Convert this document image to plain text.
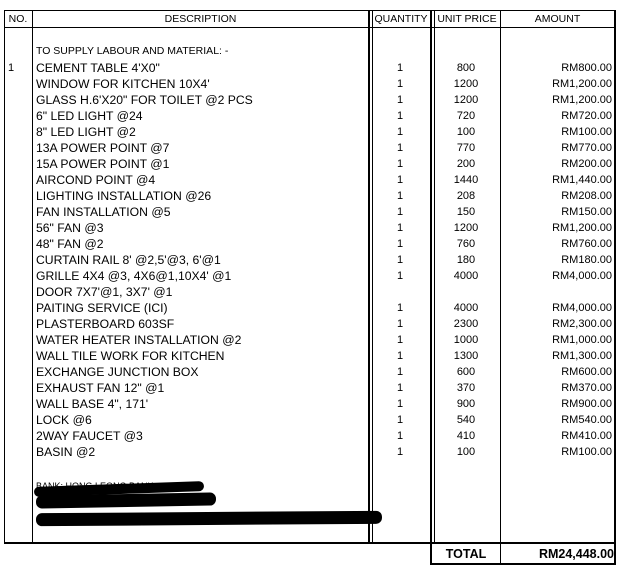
NO.	DESCRIPTION	QUANTITY UNIT PRICE	AMOUNT
TO SUPPLY LABOUR AND MATERIAL: -
1 CEMENT TABLE 4'X0"	1	800	RM800.00
WINDOW FOR KITCHEN 10X4'	1	1200	RM1,200.00
GLASS H.6'X20" FOR TOILET @2 PCS	1	1200	RM1,200.00
6" LED LIGHT @24	1	720	RM720.00
8" LED LIGHT @2	1	100	RM100.00
13A POWER POINT @7	1	770	RM770.00
15A POWER POINT @1	1	200	RM200.00
AIRCOND POINT @4	1	1440	RM1,440.00
LIGHTING INSTALLATION @26	1	208	RM208.00
FAN INSTALLATION @5	1	150	RM150.00
56" FAN @3	1	1200	RM1,200.00
48" FAN @2	1	760	RM760.00
CURTAIN RAIL 8' @2,5'@3, 6'@1	1	180	RM180.00
GRILLE 4X4 @3, 4X6@1,10X4' @1	1	4000	RM4,000.00
DOOR 7X7'@1, 3X7' @1
PAITING SERVICE (ICI)	1	4000	RM4,000.00
PLASTERBOARD 603SF	1	2300	RM2,300.00
WATER HEATER INSTALLATION @2	1	1000	RM1,000.00
WALL TILE WORK FOR KITCHEN	1	1300	RM1,300.00
EXCHANGE JUNCTION BOX	1	600	RM600.00
EXHAUST FAN 12" @1	1	370	RM370.00
WALL BASE 4", 171'	1	900	RM900.00
LOCK @6	1	540	RM540.00
2WAY FAUCET @3	1	410	RM410.00
BASIN @2	1	100	RM100.00
TOTAL	RM24,448.00
